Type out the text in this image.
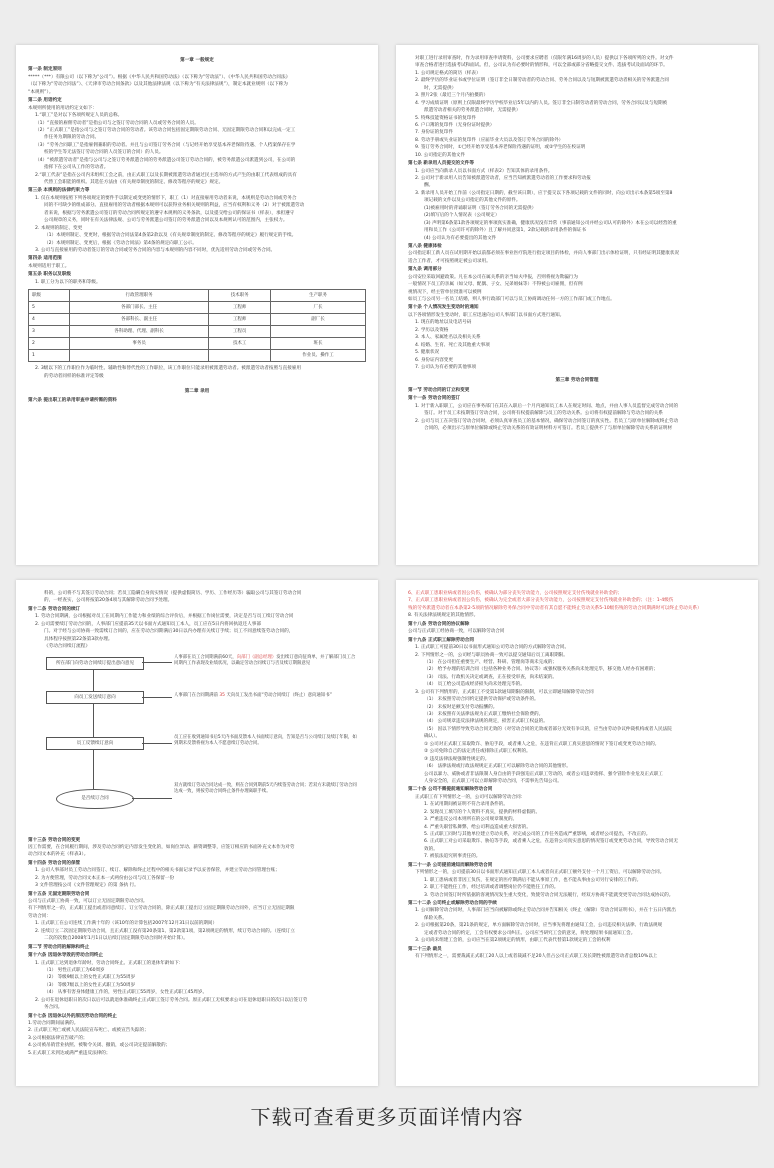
第一章 一般规定
第一条 制定原则
*****（***）有限公司（以下称为“公司”）。根据《中华人民共和国劳动法》（以下称为“劳动法”）、《中华人民共和国劳动合同法》
（以下称为“劳动合同法”）、《天津市劳动合同条款》以及其他法律法规（以下称为“有关法律法规”），制定本就业规则（以下称为
“本规则”）。
第二条 用语约定
本规则所使用的用语约定文如下：
1.“职工”是对以下各项所规定人员的总称。
（1）“直接的雇佣劳动者”是指公司与之签订劳动合同的人员或劳务合同的人员。
（2）“正式职工”是指公司与之签订劳动合同的劳动者。该劳动合同包括固定期限劳动合同、无固定期限劳动合同和以完成一定工
作任务为期限的劳动合同。
（3）“劳务合同职工”是指雇佣兼职的劳动者。并且与公司签订劳务合同（与记经开始享受基本养老保险待遇、个人档案保存在学
校的学生等无法签订劳动合同的人员签订的合同）的人员。
（4）“被派遣劳动者”是指与公司与之签订劳务派遣合同的劳务派遣公司签订劳动合同的，被劳务派遣公司派遣到公司，在公司的
指挥下在公司从工作的劳动者。
2.“职工代表”是指在公司内未组织工会之前，由正式职工以及长期被派遣劳动者通过民主选举的方式产生的由职工代表组成的具有
代替工会职能的组织。其选任方法由《有关规章制度的制定、修改等程序的规定》规定。
第三条 本规则的法律约束力等
1. 仅在本规则按照下列各项规定的要件手以制定或变更的情形下，职工（1）对直接雇用劳动者来说，本规则是劳动合同或劳务合
同的不可缺少的组成部分。直接雇用的劳动者根据本规则可以获得业务相关规则的利益，应当有权利和义务（2）对于被派遣劳动
者来说，根据与劳务派遣公司签订的劳动合同所规定的遵守本规则的义务条款，以及提交给公司的保证书（样表），承担遵守
公司规章的义务，同时在有关法律法规、公司与劳务派遣公司签订的劳务派遣合同以及本规则认可的范围内，主张权力。
2. 本规则的制定、变更
（1）本规则制定、变更时，根据劳动合同法第4条第2款以及《有关规章制度的制定、修改等程序的规定》履行规定的手续。
（2）本规则制定、变更后，根据《劳动合同法》第4条的规定向职工公示。
3. 公司与直接雇用的劳动者签订的劳动合同或劳务合同的内容与本规则的内容不同时，优先适用劳动合同或劳务合同。
第四条 适用范围
本规则适用于职工。
第五条 职务以及职级
1. 职工分为以下的职务和等级。
职级	行政管理职务	技术职务	生产职务
5	各部门部长、主任	工程师	厂长
4	各部科长、副主任	工程师	副厂长
3	各科助理、代理、副科长	工程员	
2	事务员	技术工	班长
1			作业员、操作工
2. 3级以下的工作职位作为临时性、辅助性和替代性的工作职位，该工作职位只能录用被派遣劳动者。被派遣劳动者按照与直接雇用
的劳动者同样的标准评定等级
第二章 录用
第六条 提出职工的录用审查申请所需的资料
对职工进行录用审查时，作为录用审查申请资料，公司要求应聘者（仅限年满16周岁的人员）提供以下各项所列的文件。对文件
审查合格者进行选拔考试和面试。但，公司认为有必要时的情形和，可以全部或部分省略提交文件、选拔考试及面试的环节。
1. 公司规定格式的简历（样表）
2. 最终学历的毕业证书或学位证明（签订非全日制劳动者的劳动合同、劳务合同以及与短期被派遣劳动者相关的劳务派遣合同
时，无需提供）
3. 照片2张（最近三个月内拍摄的）
4. 学习成绩证明（原则上仅限最终学历学校毕业后5年以内的人员。签订非全日制劳动者的劳动合同，劳务合同以及与短期被
派遣劳动者相关的劳务派遣合同时，无需提供）
5. 特殊技能资格证书的复印件
6. 户口簿的复印件（无身份证时提供）
7. 身份证的复印件
8. 劳动手册或失业证的复印件（应届毕业大员以及签订劳务合同的除外）
9. 签订劳务合同时，①已经开始享受基本养老保险待遇的证明，或②学生的在校证明
10. 公司指定的其他文件
第七条 新录用人员提交的文件等
1. 公司应当向新录人员以书面方式（样表2）告知其体的录用条件。
2. 公司对于新录用人员告知被派遣劳动者，应当告知被派遣劳动者的工作要求和劳动报
酬。
3. 新录用人员开始工作前（公司指定日期的，截至该日期），应于提交以下各项记载的文件的同时，向公司出示本条第5项至第8
项记载的文件以及公司指定的其他文件的原件。
(1)被雇用时的背诵职证明（签订劳务合同的无需提供）
(2)填写后的个人情况表（公司规定）
(3) 声明第6条第1款各项规定的事项真实准确，健康状况没有异常（事前通知公司并经公司认可的除外）本在公司以经营的重
用和员工作《公司许可的除外）且了解并同意第1，2款记载的录用条件的保证书
(4) 公司认为有必要提出的其他文件
第八条 健康体检
公司指定职工新人员在试用期开始以前都必须在事业医疗院进行指定项目的体检，并向人事部门出示体检证明，只有经证明其健康状况
适合工作者，才可按照规定被公司录用。
第九条 调用部分
公司安位采取回避政策。凡在本公司在属关系的亲当如夫申报，否则将视为欺骗行为
一般情况下员工的亲属（如父母、配偶、子女、兄弟姐妹等）不得被公司雇佣，但有例
视情况下，经主管单位批准可以被例
如员工与公司另一名员工结婚，则人事行政部门可以与员工协商调动任何一方的工作部门或工作地点。
第十条 个人情况发生变动时的通知
以下各项情形发生变动时，职工应迅速向公司人事部门以书面方式进行通知。
1. 现在的地址以及电话号码
2. 学历以及资格
3. 本人、家属姓名以及相关关系
4. 结婚、生育、死亡及其他重大事项
5. 健康状况
6. 身份证内容变更
7. 公司认为有必要的其他事项
第三章 劳动合同管理
第一节 劳动合同的订立和变更
第十一条 劳动合同的签订
1. 对于新入职职工，公司应在事务部门在其在入职后一个月内通知员工本人在规定时间、地点，并由人事人员监督完成劳动合同的
签订。对于员工未按期签订劳动合同，公司将有权提前解除与员工的劳动关系。公司将有权提前解除与劳动合同的关系
2. 公司与员工在决签订劳动合同时，必须认真审查员工的基本情况，确保劳动合同签订的真实性。若员工与原单位解除或终止劳动
合同的，必须出示与原单位解除或终止劳动关系的有效证明材料方可签订。若员工提供不了与原单位解除劳动关系的证明材
料的，公司将不与其签订劳动合同；若员工隐瞒自身真实情况（提供虚假简历、学历、工作经历等）骗取公司与其签订劳动合同
的，一经查实，公司将按第20条4项与其解除劳动合同予处理。
第十二条 劳动合同的续订
1. 劳动合同期满，公司根据对员工在同期内工作能力和业绩的综合评价后，并根据工作岗位需要，决定是否与员工续订劳动合同
2. 公司需要续订劳动合同的，人事部门应提前35天以书面方式通知员工本人，员工应在5日内将回执返还人事部
门。对于经与公司协商一致需续订合同的，应在劳动合同期满后30日以内办理有关续订手续；员工不同意续签劳动合同的，
具体程序按照第22条第3款办理。
《劳动合同续订流程》
所在部门向劳动合同续订提出意向意见
向员工发送续订意向
员工反馈续订意向
是否续订合同
人事部在员工合同期满前60天，向部门（副总经理）发出续订意向征询单，并了解部门员工合同期内工作表现及业绩状况，以确定劳动合同续订与否及续订期限意见
人事部门在合同期满前 35 天向员工发出书面“劳动合同续订（终止）意向通知书”
员工应在收到通知书后5天内书面反馈本人书面续订意向，告知是否与公司续订及续订年限，如到期未反馈将视为本人不愿意续订劳动合同。
双方就续订劳动合同达成一致，则在合同到期前5天内续签劳动合同；若双方未就续订劳动合同达成一致，则按劳动合同终止条件办理离职手续。
第十三条 劳动合同的变更
因工作需要，在合同履行期间，涉及劳动合同约定内容发生变化的，如岗位异动、薪资调整等，应签订相应的书面补充文本作为对劳
动合同文本的补充（样表3）。
第十四条 劳动合同的保管
1. 公司人事部对员工劳动合同签订、续订、解除和终止过程中的相关书面记录予以妥善保管，并建立劳动合同管理台账；
2. 为方便管理，劳动合同文本正本一式两份由公司与员工各保留一份
3 文件管理按公司《文件管理规定》的第 条执 行。
第十五条 无固定期限劳动合同
公司与正式职工协商一致，可以订立无固定期限劳动合同。
有下列情形之一的，正式职工提出或者同意续订、订立劳动合同的，除正式职工提出订立固定期限劳动合同外，应当订立无固定期限
劳动合同：
1. 正式职工在公司连续工作满十年的（该10年的计算包括2007年12月31日以前的期间）
2. 连续订立二次固定期限劳动合同，且正式职工没有第20条第1、第2款第1项，第2项规定的情形，续订劳动合同的。（连续订立
二次的次数自2008年1月1日以后续订固定期限劳动合同时开始计算）。
第二节 劳动合同的解除和终止
第十六条 因退休导致的劳动合同终止
1. 正式职工达到退休年龄时，劳动合同终止。正式职工的退休年龄如下：
（1） 男性正式职工为60周岁
（2） 等级9级以上的女性正式职工为55周岁
（3） 等级7级以上的女性正式职工为50周岁
（4） 从事有害身体健康工作的，男性正式职工55周岁，女性正式职工45周岁。
2. 公司在退休退职日的次日以后可以就退休准确终止正式职工签订劳务合同。原正式职工无权要求公司在退休退职日的次日以后签订劳
务合同。
第十七条 因退休以外的原因劳动合同的终止
1.劳动合同期间届满的。
2. 正式职工死亡或被人民法院宣布死亡、或被宣告失踪的；
3.公司根据法律宣告破产的；
4.公司被吊销营业执照、被勒令关闭、撤销，或公司决定提前解散的；
5.正式职工未到达或满严重违反法律的；
6、正式职工患职业病或者因公负伤，被确认为部分丧失劳动能力，公司按照规定支付伤残就业补助金的；
7、正式职工患职业病或者因公负伤，被确认为完全或者大部分丧失劳动能力，公司按照规定支付伤残就业补助金的；（注：1-4级伤
残的劳务派遣劳动者在本条第2-5项的情况解除劳务保合同中劳动者有其自愿不能终止劳动关系5-10级伤残的劳动合同期满时可以终止劳动关系）
8. 有关法律法规规定的其他情形。
第十八条 劳动合同的协议解除
公司与正式职工经协商一致，可以解除劳动合同
第十九条 正式职工解除劳动合同
1. 正式职工可提前30日以书面形式通知公司劳动合同的方式解除劳动合同。
2. 下列情形之一的，公司经与职员协商一致可以提交通知后员工离职期限。
（1） 在公司担任重要生产、经营、科研、管理岗等商未完成的；
（2） 给予办理的培训合同（包括各种业务合同、协议等）或强权服务关系尚未处理完毕，移交他人经办有困难的；
（3） 司法、行政机关决定或调查，正在接受审查，尚未结案的。
（4） 员工给公司造成经济损失尚未处理完毕的。
3. 公司有下列情形的，正式职工不受第1款通知期限的限制，可以立即通知解除劳动合同
（1） 未按照劳动合同约定提供劳动保护或劳动条件的。
（2） 未按时足额支付劳动报酬的。
（3） 未按照有关法律法规为正式职工缴纳社会保险费的。
（4） 公司规章违反法律法规的规定，损害正式职工权益的。
（5） 因以下情形导致劳动合同无效的（对劳动合同的无效或者部分无效有争议的，应当由劳动争议仲裁机构或者人民法院
确认）。
① 公司对正式职工采取欺诈、胁迫手段，或者乘人之危，在违背正式职工真实意思的情况下签订或变更劳动合同的。
② 公司免除自己的法定责任或排除正式职工权利的。
③ 违反法律法规强制性规定的。
（6） 法律法规或行政法规规定正式职工可以解除劳动合同的其他情形。
公司以暴力、威胁或者非法限制人身自由的手段强迫正式职工劳动的，或者公司违章指挥、强令冒险作业危及正式职工
人身安全的，正式职工可以立即解除劳动合同，不需事先告知公司。
第二十条 公司不需提前通知解除劳动合同
正式职工有下列情形之一的，公司可以解除劳动合同：
1. 在试用期间被证明不符合录用条件的。
2. 发现员工填写的个人资料不真实，提供的材料虚假的。
3. 严重违反公司本则所在的公司规章制度的。
4. 严重失职营私舞弊，给公司利益造成重大损害的。
5. 正式职工同时与其他单位建立劳动关系，对完成公司的工作任务造成严重影响，或者经公司提出，不改正的。
6. 正式职工对公司采取欺诈、胁迫等手段，或者乘人之危，在违背公司真实意思的情况签订或变更劳动合同，导致劳动合同无
效的。
7. 被依法追究刑事责任的。
第二十一条 公司提前通知而解除劳动合同
下列情形之一的，公司提前30日以书面形式通知正式职工本人或者向正式职工额外支付一个月工资后，可以解除劳动合同。
1. 职工患病或者非因工负伤，在规定的医疗期满后不能从事原工作，也不能从事由公司另行安排的工作的。
2. 职工不能胜任工作，经过培训或者调整岗位仍不能胜任工作的。
3. 劳动合同签订时所依据的客观情况发生重大变化，致使劳动合同无法履行，经双方协商不能就变更劳动合同达成协议的。
第二十二条 公司终止或解除劳动合同的手续
1. 公司解除劳动合同时，人事部门应当向被解除或终止劳动合同并告知相关《终止（解除）劳动合同证明书》，并在十五日内派出
保险关系。
2. 公司根据第20条，第21条的规定，单方面解除劳动合同时，应当事先将理由通知工会，公司违反相关法律、行政法规规
定或者劳动合同的约定，工会有权要求公司纠正。公司应当研究工会的意见，将处理结果书面通知工会。
3. 公司尚未组建工会的，公司应当在第2项规定的情形，由职工代表代替第1款规定的工会的权利
第二十三条 裁员
有下列情形之一，需要裁减正式职工20人以上或者裁减不足20人但占公司正式职工及长期性被派遣劳动者总数10%以上
下载可查看更多页面详情内容
